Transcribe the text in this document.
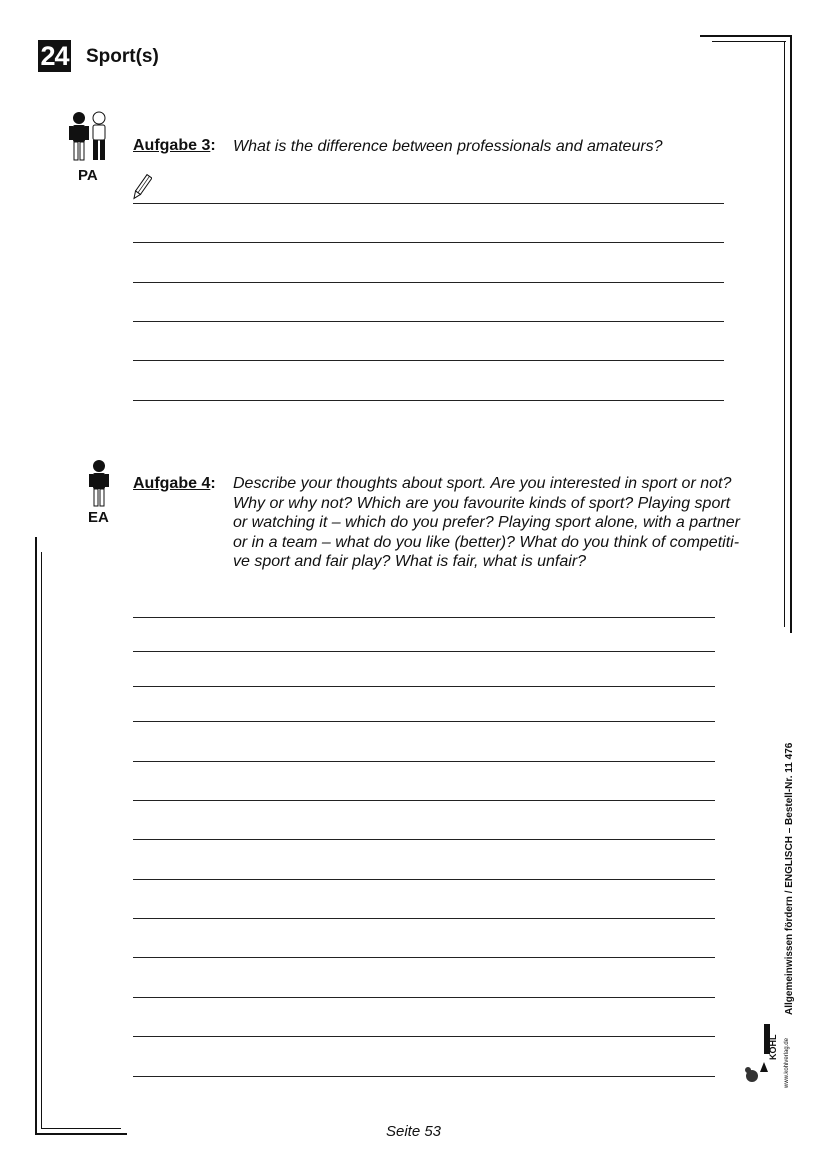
24 Sport(s)
PA
Aufgabe 3: What is the difference between professionals and amateurs?
EA
Aufgabe 4: Describe your thoughts about sport. Are you interested in sport or not?
Why or why not? Which are you favourite kinds of sport? Playing sport
or watching it – which do you prefer? Playing sport alone, with a partner
or in a team – what do you like (better)? What do you think of competiti-
ve sport and fair play? What is fair, what is unfair?
Allgemeinwissen fördern / ENGLISCH – Bestell-Nr. 11 476
KOHL www.kohlverlag.de
Seite 53
